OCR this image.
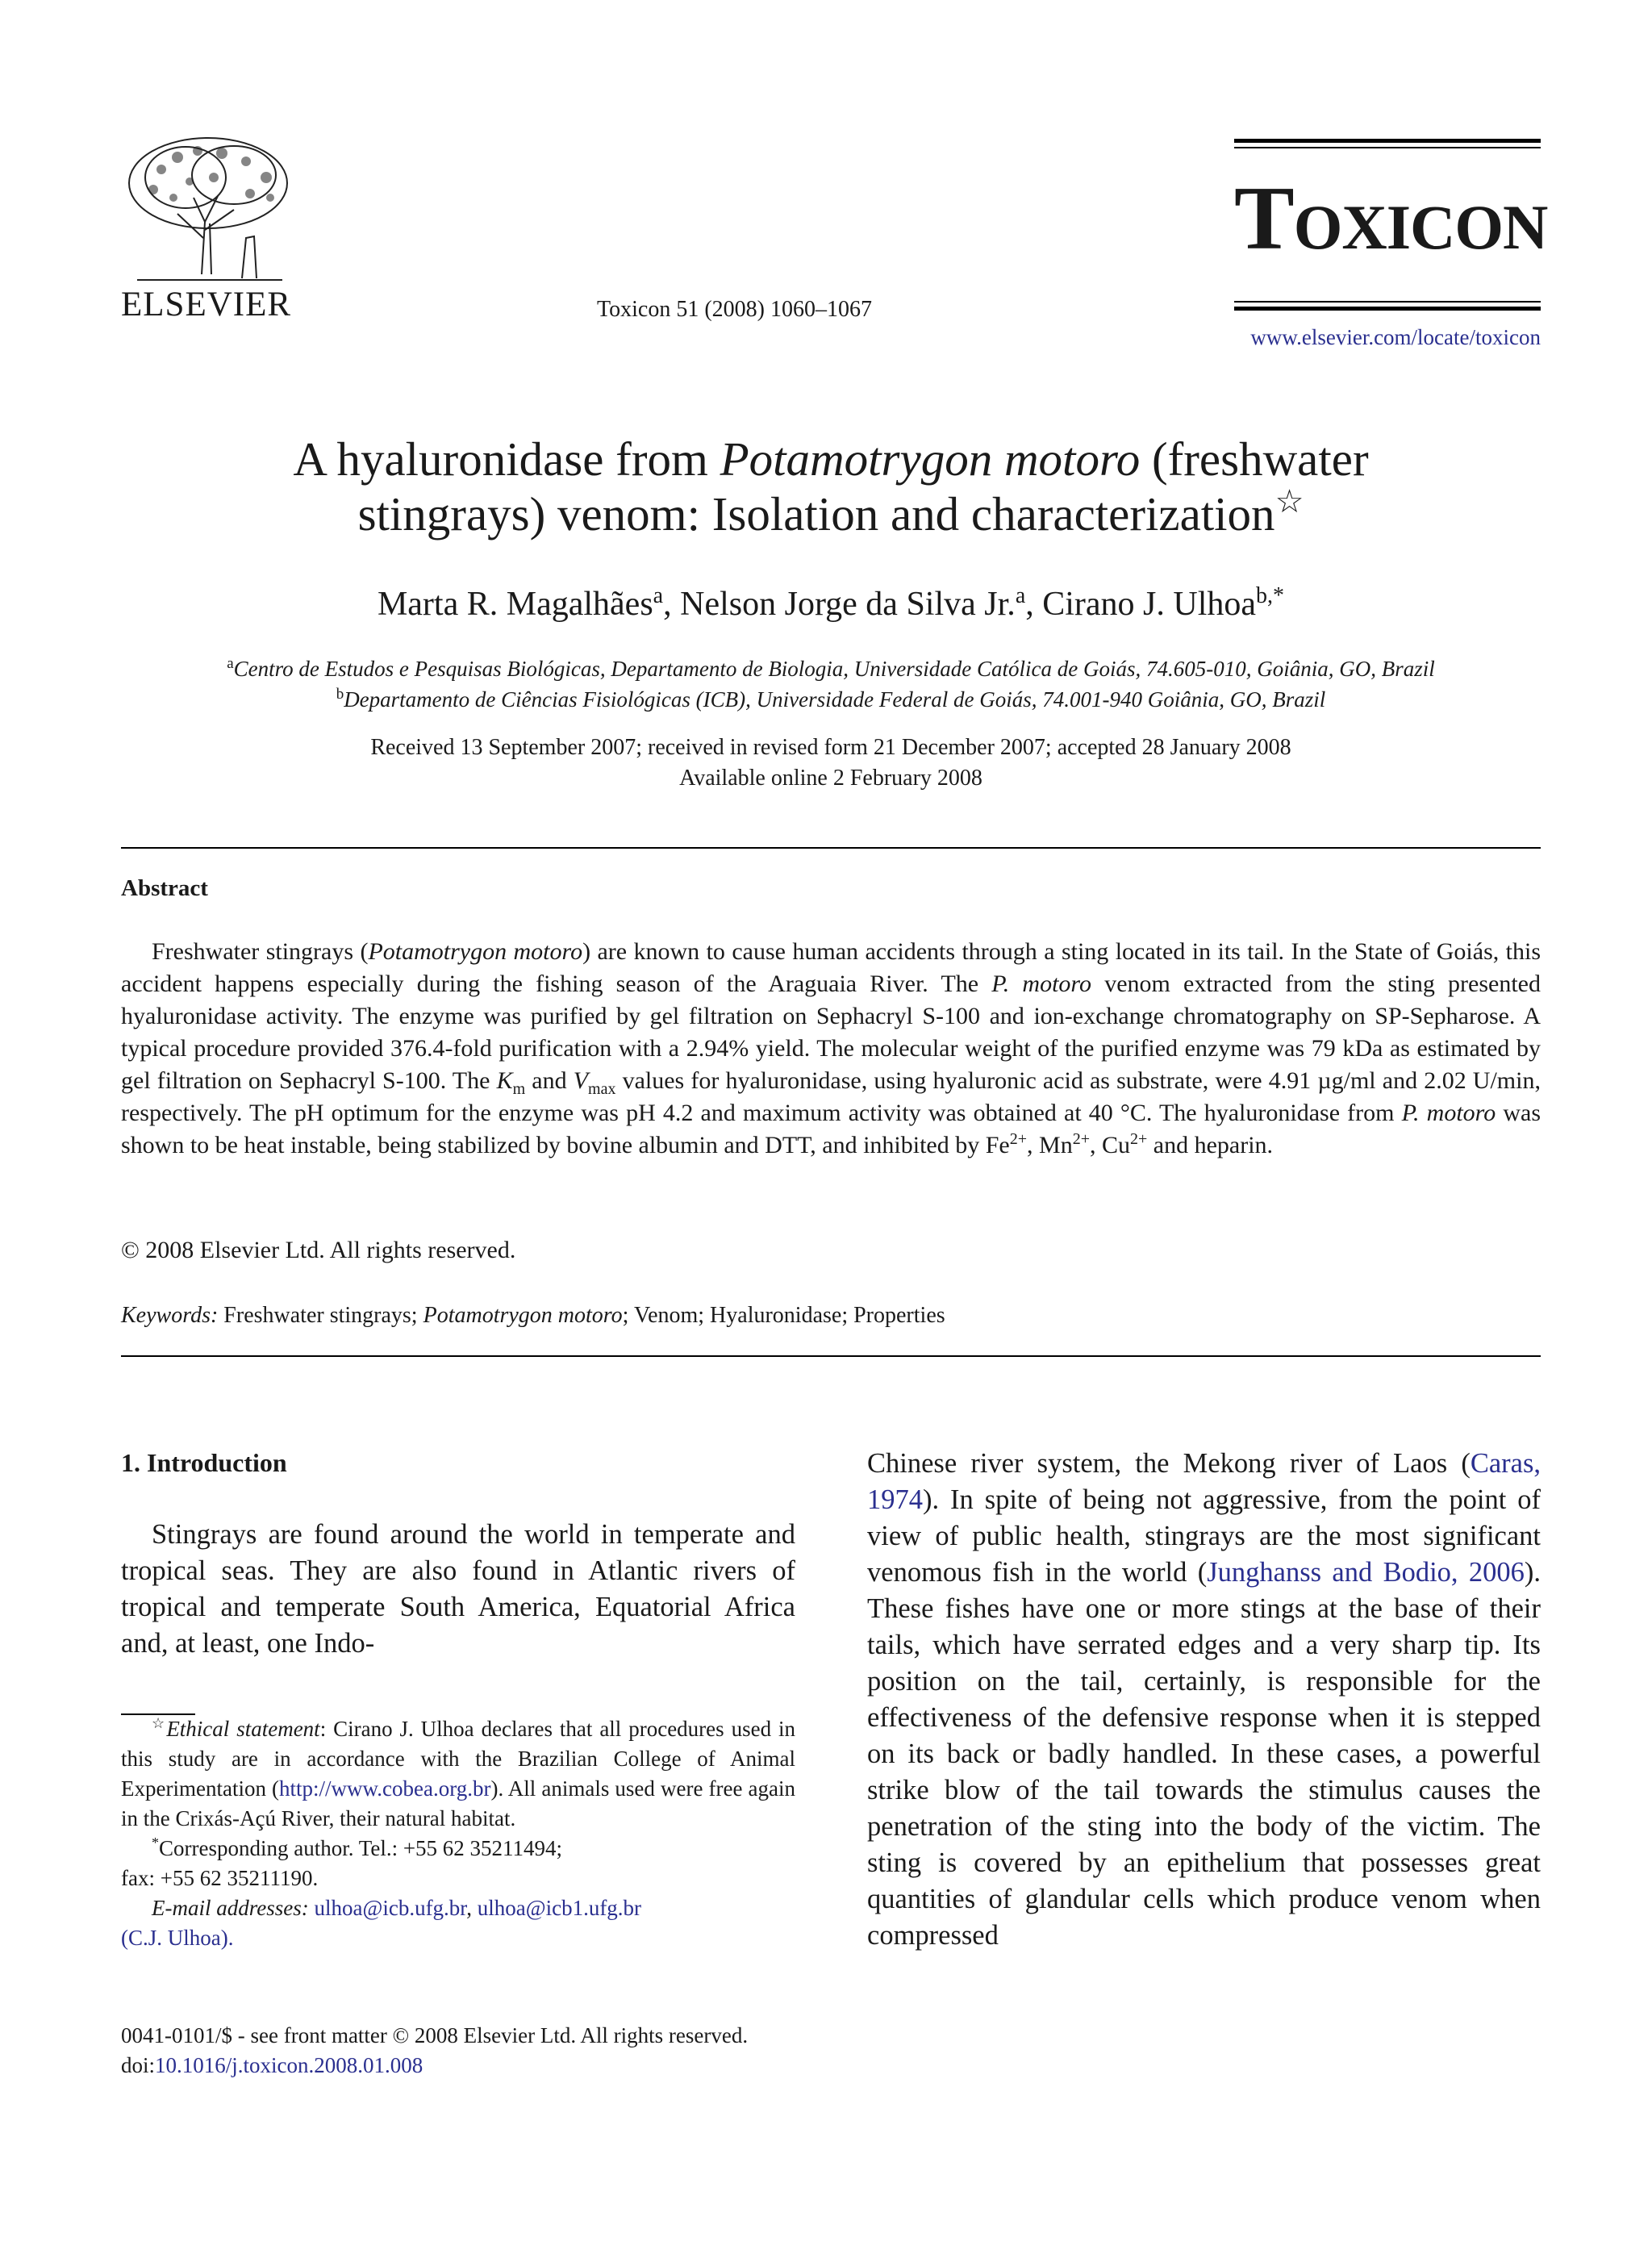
ELSEVIER	Toxicon 51 (2008) 1060–1067
TOXICON
www.elsevier.com/locate/toxicon
A hyaluronidase from Potamotrygon motoro (freshwater
stingrays) venom: Isolation and characterization☆
Marta R. Magalhães$^a$, Nelson Jorge da Silva Jr.$^a$, Cirano J. Ulhoa$^{b,*}$
$^a$Centro de Estudos e Pesquisas Biológicas, Departamento de Biologia, Universidade Católica de Goiás, 74.605-010, Goiânia, GO, Brazil
$^b$Departamento de Ciências Fisiológicas (ICB), Universidade Federal de Goiás, 74.001-940 Goiânia, GO, Brazil
Received 13 September 2007; received in revised form 21 December 2007; accepted 28 January 2008
Available online 2 February 2008
Abstract
Freshwater stingrays (Potamotrygon motoro) are known to cause human accidents through a sting located in its tail. In the State of Goiás, this accident happens especially during the fishing season of the Araguaia River. The P. motoro venom extracted from the sting presented hyaluronidase activity. The enzyme was purified by gel filtration on Sephacryl S-100 and ion-exchange chromatography on SP-Sepharose. A typical procedure provided 376.4-fold purification with a 2.94% yield. The molecular weight of the purified enzyme was 79 kDa as estimated by gel filtration on Sephacryl S-100. The $K_m$ and $V_{max}$ values for hyaluronidase, using hyaluronic acid as substrate, were 4.91 µg/ml and 2.02 U/min, respectively. The pH optimum for the enzyme was pH 4.2 and maximum activity was obtained at 40 °C. The hyaluronidase from P. motoro was shown to be heat instable, being stabilized by bovine albumin and DTT, and inhibited by $Fe^{2+}$, $Mn^{2+}$, $Cu^{2+}$ and heparin.
© 2008 Elsevier Ltd. All rights reserved.
Keywords: Freshwater stingrays; Potamotrygon motoro; Venom; Hyaluronidase; Properties
1. Introduction
Stingrays are found around the world in temperate and tropical seas. They are also found in Atlantic rivers of tropical and temperate South America, Equatorial Africa and, at least, one Indo-
Chinese river system, the Mekong river of Laos (Caras, 1974). In spite of being not aggressive, from the point of view of public health, stingrays are the most significant venomous fish in the world (Junghanss and Bodio, 2006). These fishes have one or more stings at the base of their tails, which have serrated edges and a very sharp tip. Its position on the tail, certainly, is responsible for the effectiveness of the defensive response when it is stepped on its back or badly handled. In these cases, a powerful strike blow of the tail towards the stimulus causes the penetration of the sting into the body of the victim. The sting is covered by an epithelium that possesses great quantities of glandular cells which produce venom when compressed

☆Ethical statement: Cirano J. Ulhoa declares that all procedures used in this study are in accordance with the Brazilian College of Animal Experimentation (http://www.cobea.org.br). All animals used were free again in the Crixás-Açú River, their natural habitat.

*Corresponding author. Tel.: +55 62 35211494;

fax: +55 62 35211190.

E-mail addresses: ulhoa@icb.ufg.br, ulhoa@icb1.ufg.br

(C.J. Ulhoa).

0041-0101/$ - see front matter © 2008 Elsevier Ltd. All rights reserved.
doi:10.1016/j.toxicon.2008.01.008
